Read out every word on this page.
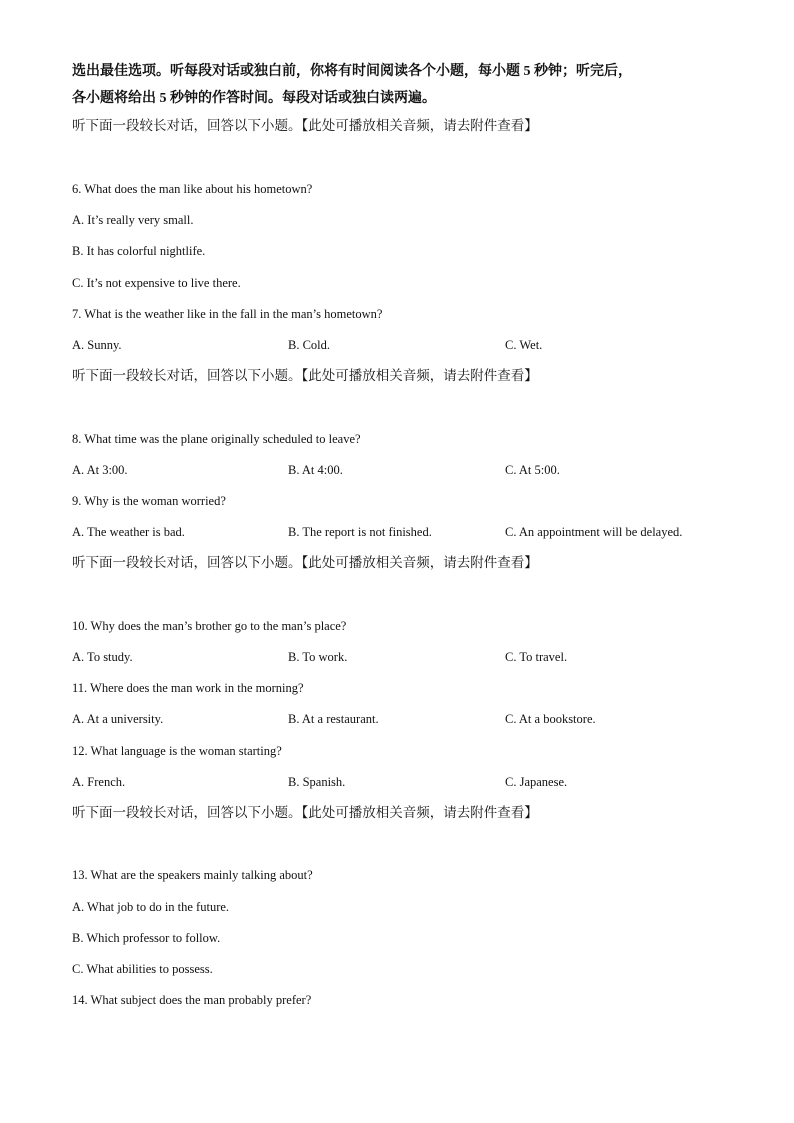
选出最佳选项。听每段对话或独白前，你将有时间阅读各个小题，每小题 5 秒钟；听完后，
各小题将给出 5 秒钟的作答时间。每段对话或独白读两遍。
听下面一段较长对话，回答以下小题。【此处可播放相关音频，请去附件查看】
6. What does the man like about his hometown?
A. It’s really very small.
B. It has colorful nightlife.
C. It’s not expensive to live there.
7. What is the weather like in the fall in the man’s hometown?
A. Sunny.	B. Cold.	C. Wet.
听下面一段较长对话，回答以下小题。【此处可播放相关音频，请去附件查看】
8. What time was the plane originally scheduled to leave?
A. At 3:00.	B. At 4:00.	C. At 5:00.
9. Why is the woman worried?
A. The weather is bad.	B. The report is not finished.	C. An appointment will be delayed.
听下面一段较长对话，回答以下小题。【此处可播放相关音频，请去附件查看】
10. Why does the man’s brother go to the man’s place?
A. To study.	B. To work.	C. To travel.
11. Where does the man work in the morning?
A. At a university.	B. At a restaurant.	C. At a bookstore.
12. What language is the woman starting?
A. French.	B. Spanish.	C. Japanese.
听下面一段较长对话，回答以下小题。【此处可播放相关音频，请去附件查看】
13. What are the speakers mainly talking about?
A. What job to do in the future.
B. Which professor to follow.
C. What abilities to possess.
14. What subject does the man probably prefer?
